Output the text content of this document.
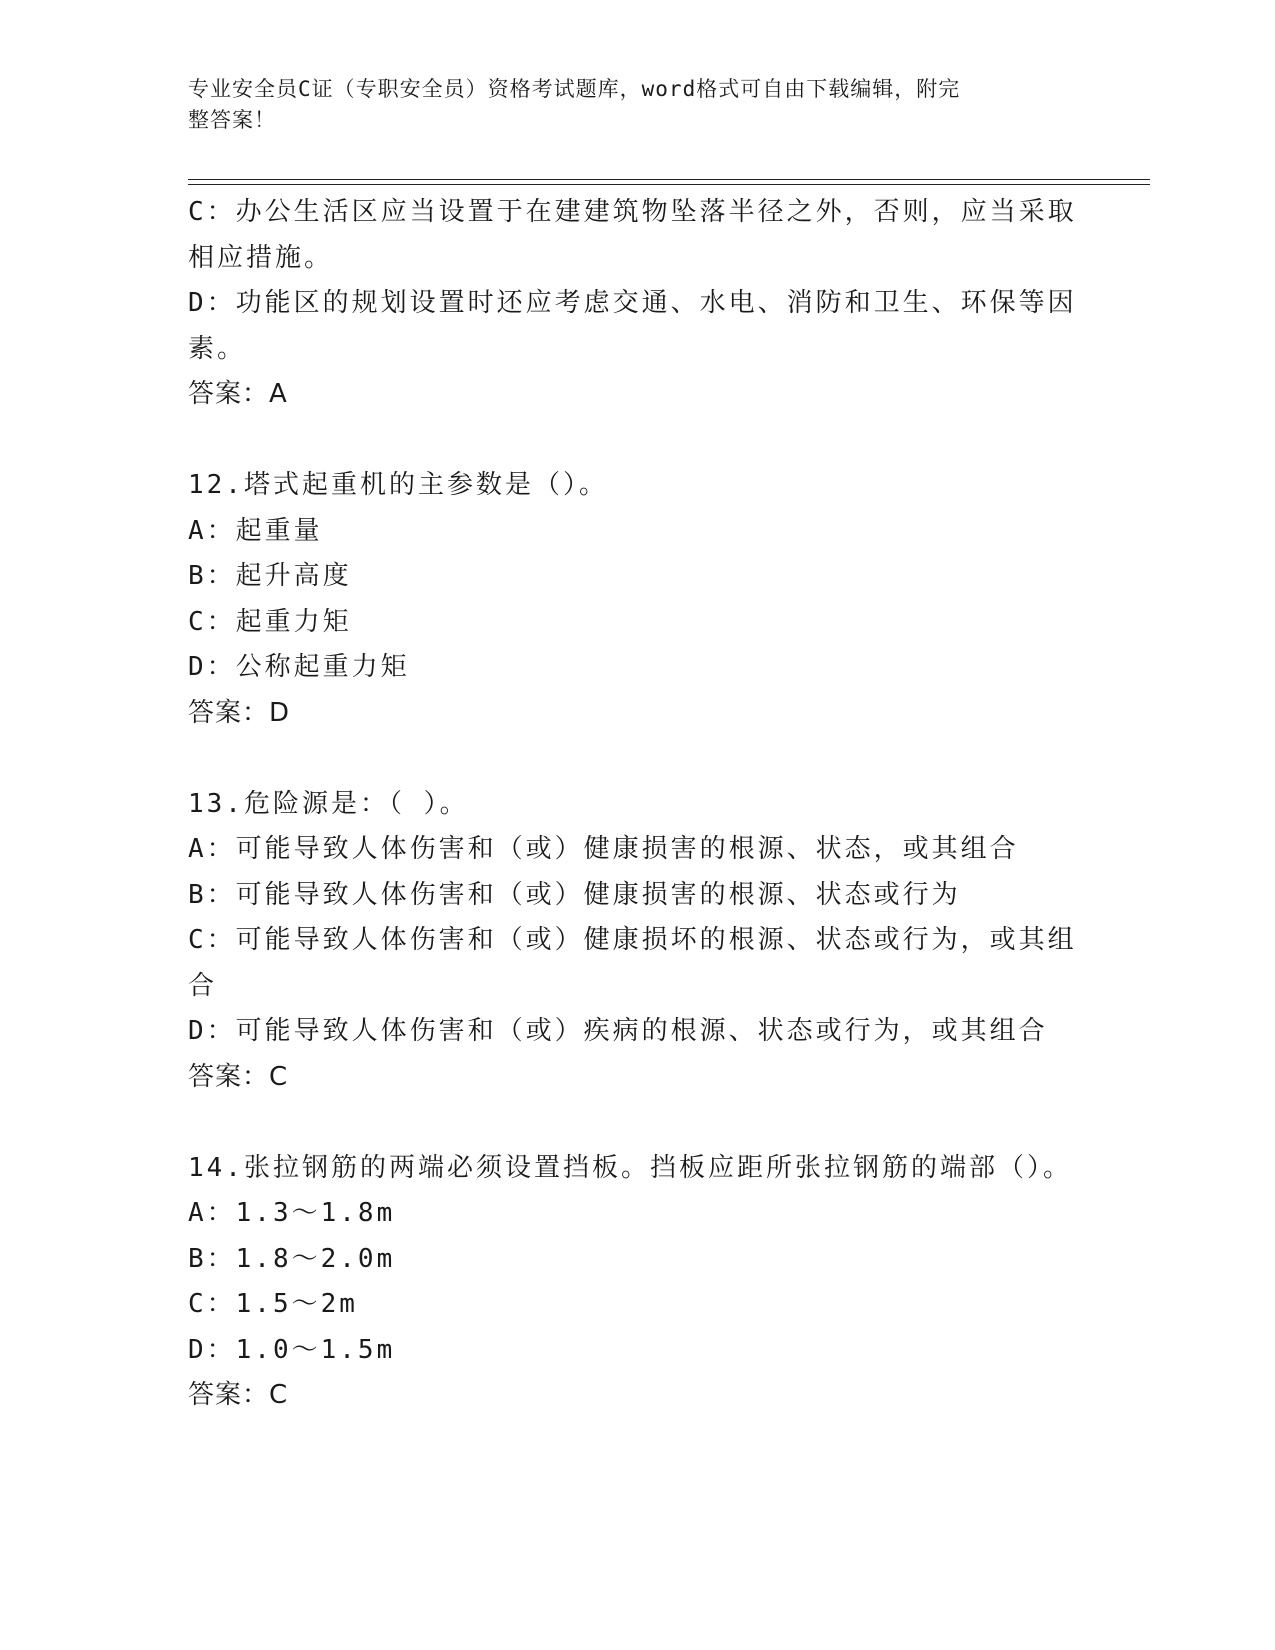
专业安全员C证（专职安全员）资格考试题库，word格式可自由下载编辑，附完
整答案！
C：办公生活区应当设置于在建建筑物坠落半径之外，否则，应当采取
相应措施。
D：功能区的规划设置时还应考虑交通、水电、消防和卫生、环保等因
素。
答案：A
12.塔式起重机的主参数是（）。
A：起重量
B：起升高度
C：起重力矩
D：公称起重力矩
答案：D
13.危险源是：（ ）。
A：可能导致人体伤害和（或）健康损害的根源、状态，或其组合
B：可能导致人体伤害和（或）健康损害的根源、状态或行为
C：可能导致人体伤害和（或）健康损坏的根源、状态或行为，或其组
合
D：可能导致人体伤害和（或）疾病的根源、状态或行为，或其组合
答案：C
14.张拉钢筋的两端必须设置挡板。挡板应距所张拉钢筋的端部（）。
A：1.3～1.8m
B：1.8～2.0m
C：1.5～2m
D：1.0～1.5m
答案：C
